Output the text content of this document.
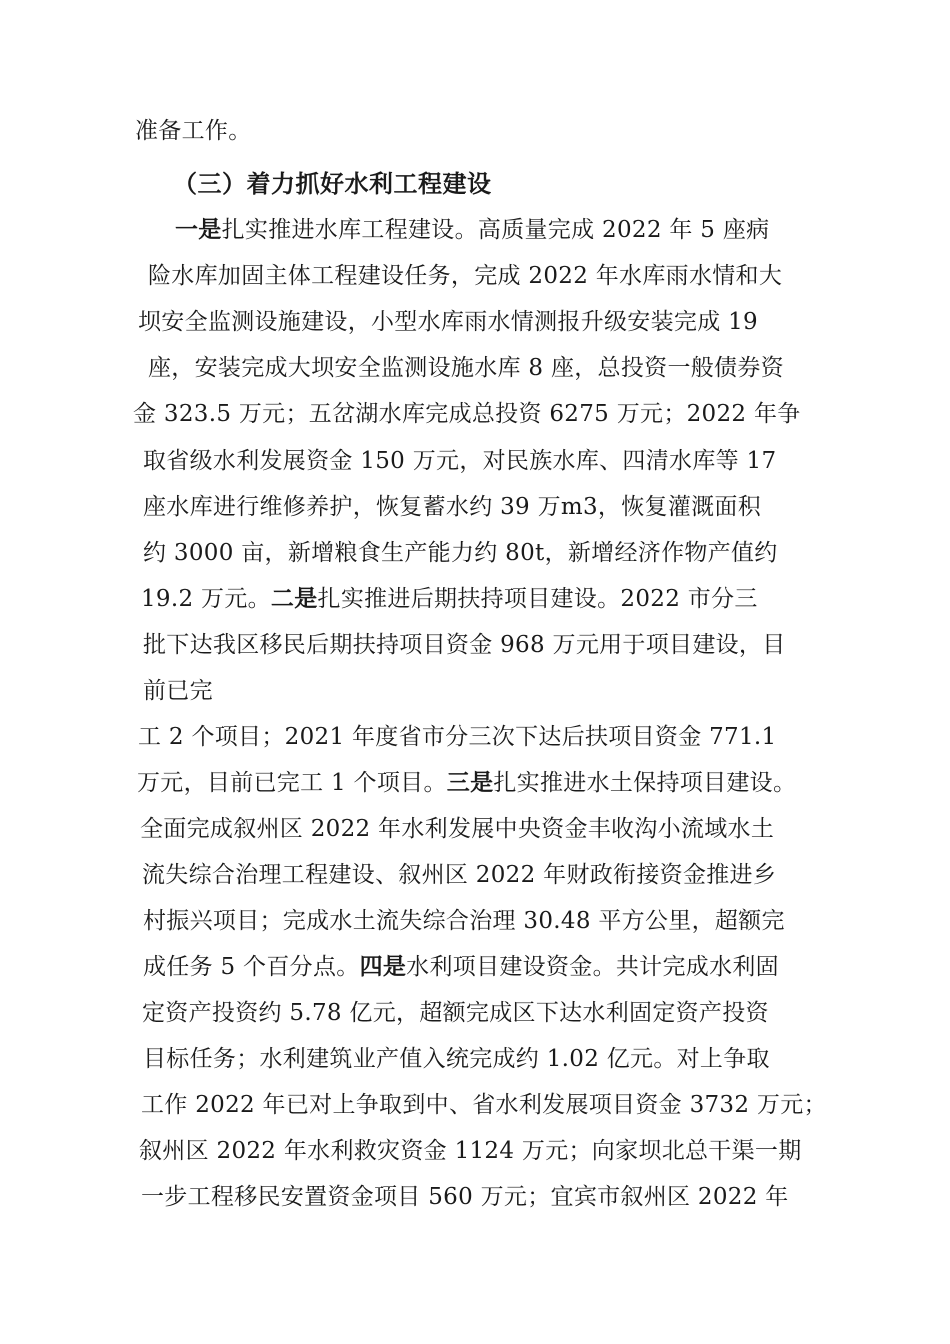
准备工作。
（三）着力抓好水利工程建设
一是扎实推进水库工程建设。高质量完成 2022 年 5 座病
险水库加固主体工程建设任务，完成 2022 年水库雨水情和大
坝安全监测设施建设，小型水库雨水情测报升级安装完成 19
座，安装完成大坝安全监测设施水库 8 座，总投资一般债券资
金 323.5 万元；五岔湖水库完成总投资 6275 万元；2022 年争
取省级水利发展资金 150 万元，对民族水库、四清水库等 17
座水库进行维修养护，恢复蓄水约 39 万m3，恢复灌溉面积
约 3000 亩，新增粮食生产能力约 80t，新增经济作物产值约
19.2 万元。二是扎实推进后期扶持项目建设。2022 市分三
批下达我区移民后期扶持项目资金 968 万元用于项目建设，目
前已完
工 2 个项目；2021 年度省市分三次下达后扶项目资金 771.1
万元，目前已完工 1 个项目。三是扎实推进水土保持项目建设。
全面完成叙州区 2022 年水利发展中央资金丰收沟小流域水土
流失综合治理工程建设、叙州区 2022 年财政衔接资金推进乡
村振兴项目；完成水土流失综合治理 30.48 平方公里，超额完
成任务 5 个百分点。四是水利项目建设资金。共计完成水利固
定资产投资约 5.78 亿元，超额完成区下达水利固定资产投资
目标任务；水利建筑业产值入统完成约 1.02 亿元。对上争取
工作 2022 年已对上争取到中、省水利发展项目资金 3732 万元；
叙州区 2022 年水利救灾资金 1124 万元；向家坝北总干渠一期
一步工程移民安置资金项目 560 万元；宜宾市叙州区 2022 年
